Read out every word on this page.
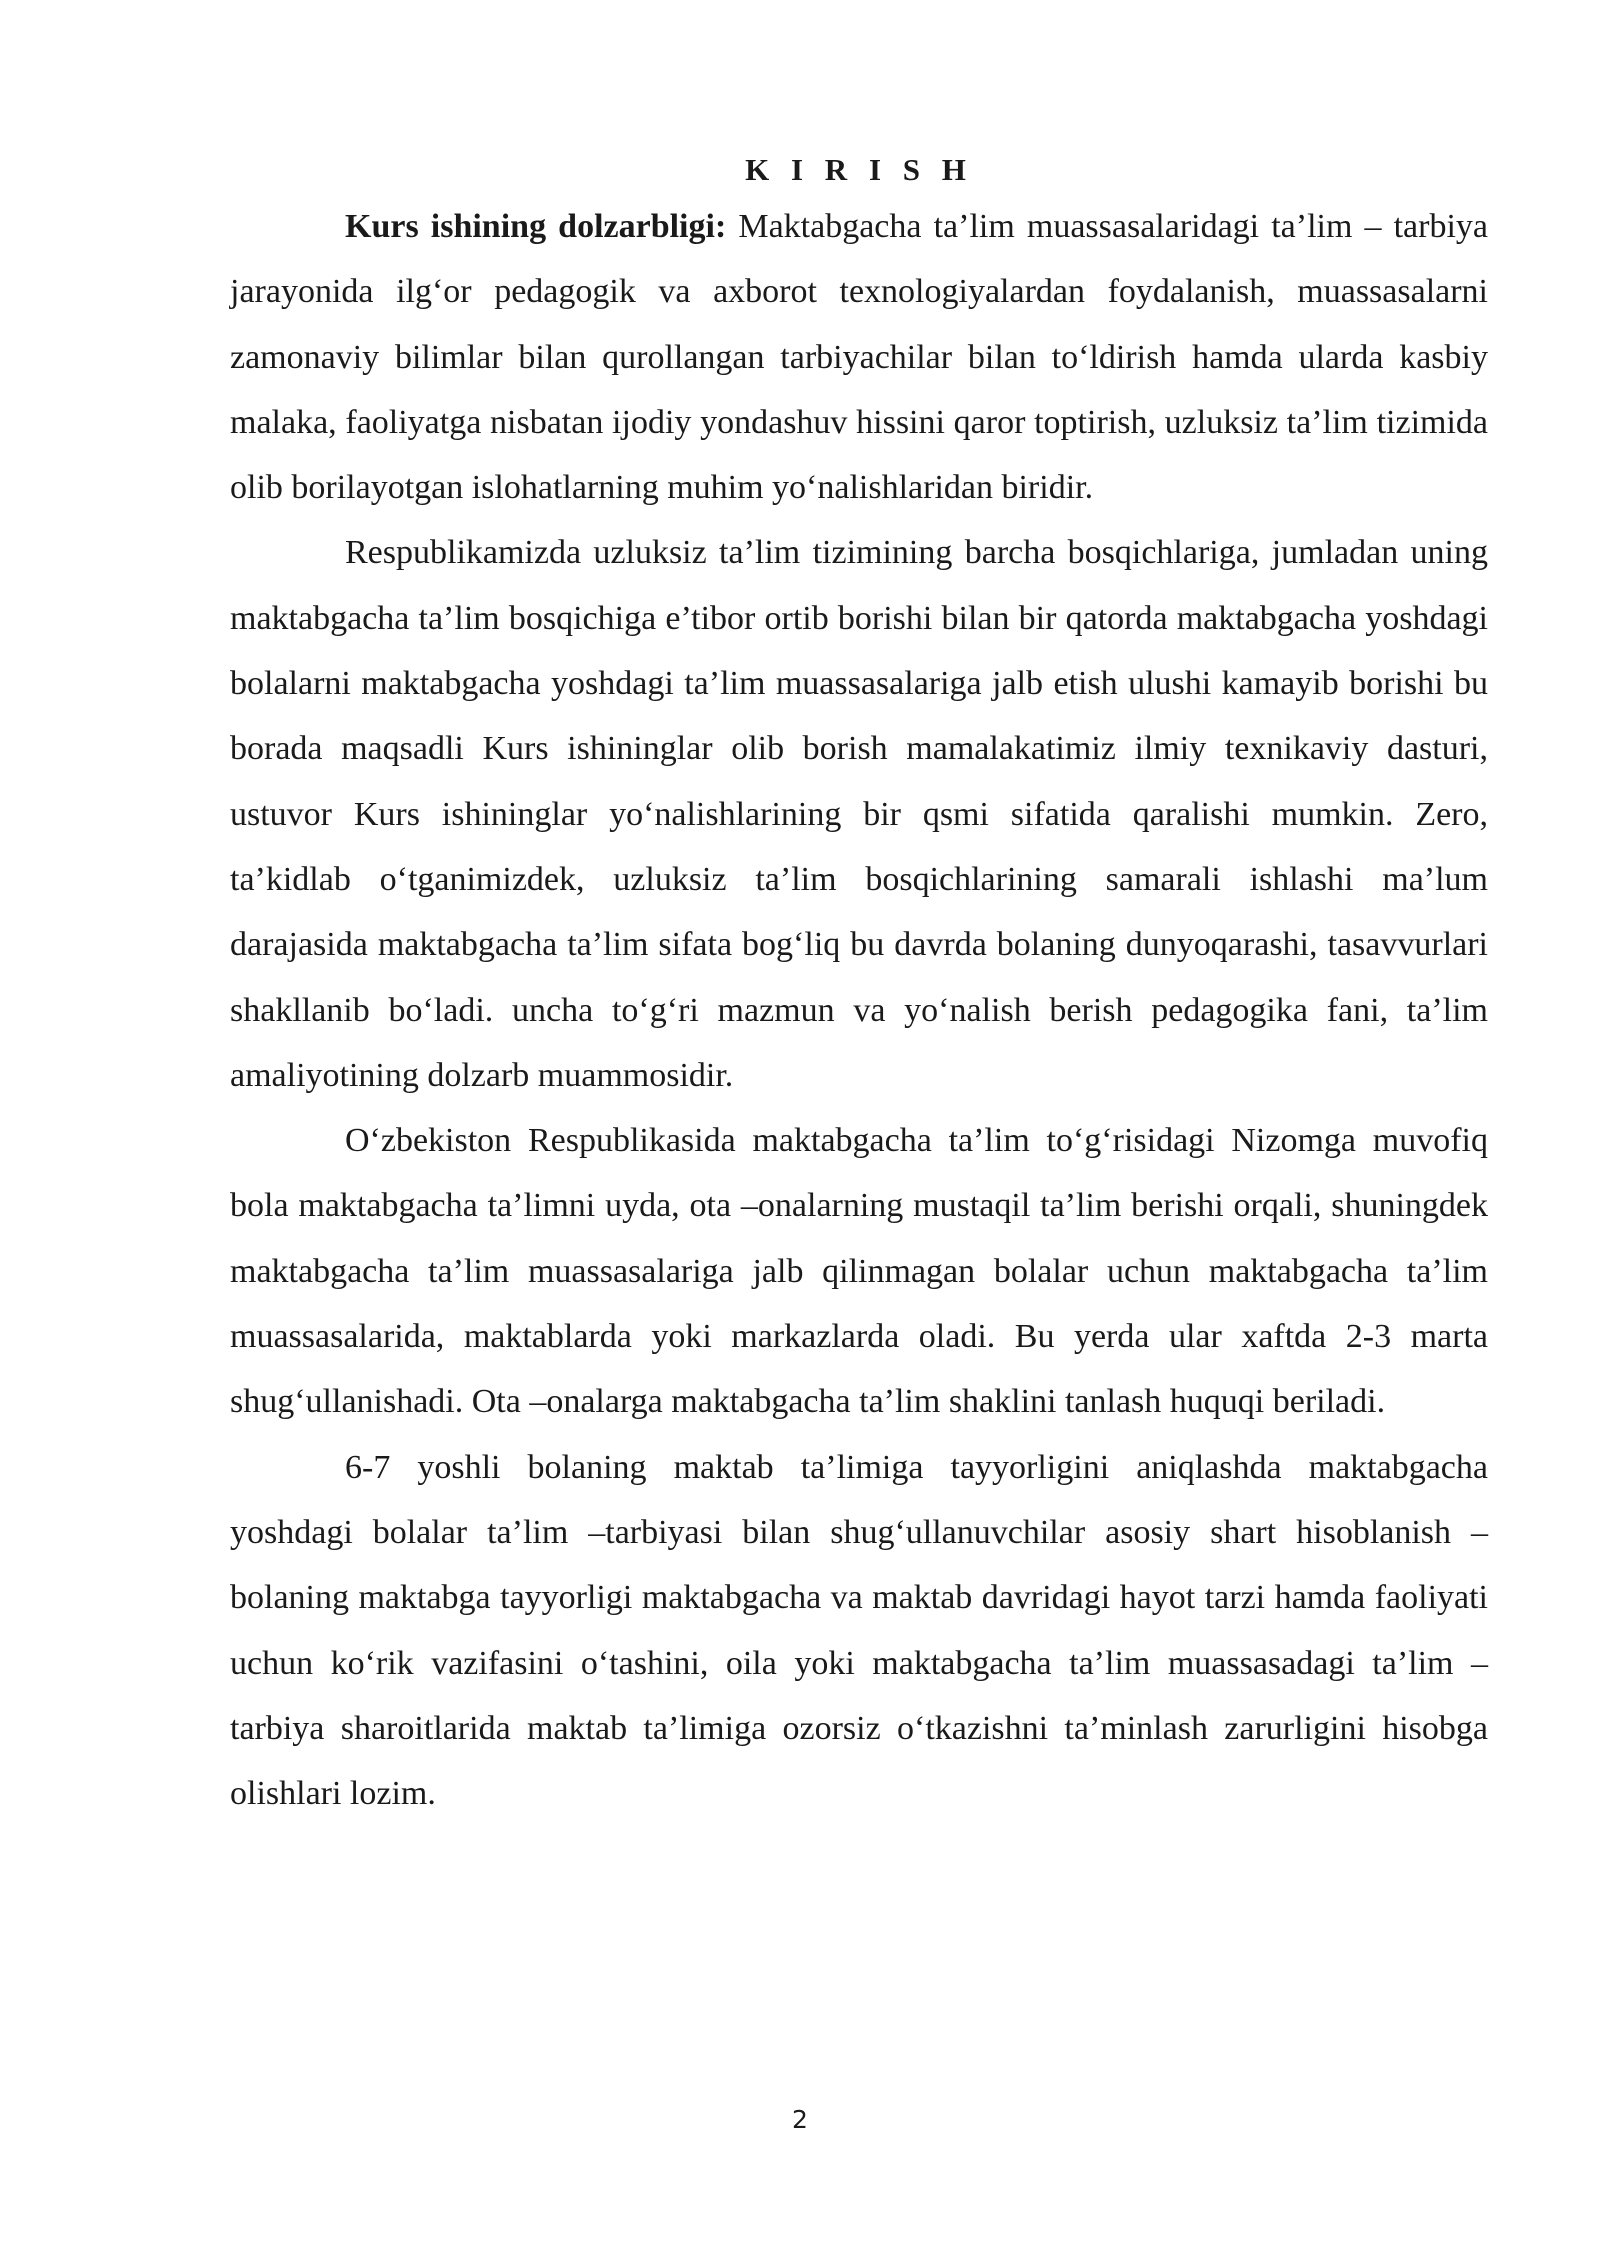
K I R I S H

Kurs ishining dolzarbligi: Maktabgacha ta’lim muassasalaridagi ta’lim – tarbiya jarayonida ilg‘or pedagogik va axborot texnologiyalardan foydalanish, muassasalarni zamonaviy bilimlar bilan qurollangan tarbiyachilar bilan to‘ldirish hamda ularda kasbiy malaka, faoliyatga nisbatan ijodiy yondashuv hissini qaror toptirish, uzluksiz ta’lim tizimida olib borilayotgan islohatlarning muhim yo‘nalishlaridan biridir.

Respublikamizda uzluksiz ta’lim tizimining barcha bosqichlariga, jumladan uning maktabgacha ta’lim bosqichiga e’tibor ortib borishi bilan bir qatorda maktabgacha yoshdagi bolalarni maktabgacha yoshdagi ta’lim muassasalariga jalb etish ulushi kamayib borishi bu borada maqsadli Kurs ishininglar olib borish mamalakatimiz ilmiy texnikaviy dasturi, ustuvor Kurs ishininglar yo‘nalishlarining bir qsmi sifatida qaralishi mumkin. Zero, ta’kidlab o‘tganimizdek, uzluksiz ta’lim bosqichlarining samarali ishlashi ma’lum darajasida maktabgacha ta’lim sifata bog‘liq bu davrda bolaning dunyoqarashi, tasavvurlari shakllanib bo‘ladi. uncha to‘g‘ri mazmun va yo‘nalish berish pedagogika fani, ta’lim amaliyotining dolzarb muammosidir.

O‘zbekiston Respublikasida maktabgacha ta’lim to‘g‘risidagi Nizomga muvofiq bola maktabgacha ta’limni uyda, ota –onalarning mustaqil ta’lim berishi orqali, shuningdek maktabgacha ta’lim muassasalariga jalb qilinmagan bolalar uchun maktabgacha ta’lim muassasalarida, maktablarda yoki markazlarda oladi. Bu yerda ular xaftda 2-3 marta shug‘ullanishadi. Ota –onalarga maktabgacha ta’lim shaklini tanlash huquqi beriladi.

6-7 yoshli bolaning maktab ta’limiga tayyorligini aniqlashda maktabgacha yoshdagi bolalar ta’lim –tarbiyasi bilan shug‘ullanuvchilar asosiy shart hisoblanish – bolaning maktabga tayyorligi maktabgacha va maktab davridagi hayot tarzi hamda faoliyati uchun ko‘rik vazifasini o‘tashini, oila yoki maktabgacha ta’lim muassasadagi ta’lim –tarbiya sharoitlarida maktab ta’limiga ozorsiz o‘tkazishni ta’minlash zarurligini hisobga olishlari lozim.

2
